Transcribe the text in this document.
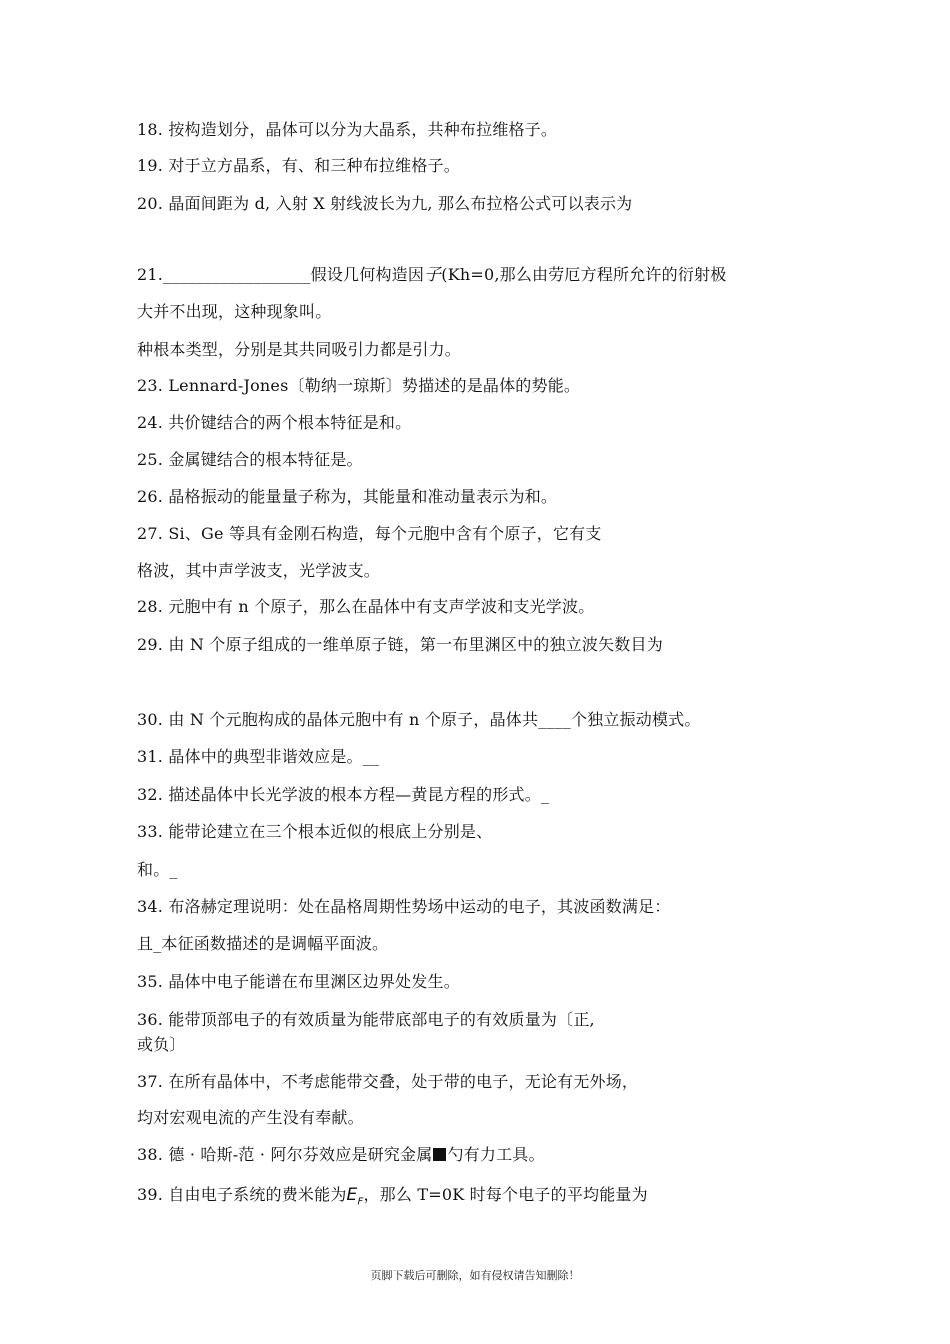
18. 按构造划分，晶体可以分为大晶系，共种布拉维格子。
19. 对于立方晶系，有、和三种布拉维格子。
20. 晶面间距为 d, 入射 X 射线波长为九, 那么布拉格公式可以表示为
21.__________________假设几何构造因子(Kh=0,那么由劳厄方程所允许的衍射极
大并不出现，这种现象叫。
种根本类型，分别是其共同吸引力都是引力。
23. Lennard-Jones〔勒纳一琼斯〕势描述的是晶体的势能。
24. 共价键结合的两个根本特征是和。
25. 金属键结合的根本特征是。
26. 晶格振动的能量量子称为，其能量和准动量表示为和。
27. Si、Ge 等具有金刚石构造，每个元胞中含有个原子，它有支
格波，其中声学波支，光学波支。
28. 元胞中有 n 个原子，那么在晶体中有支声学波和支光学波。
29. 由 N 个原子组成的一维单原子链，第一布里渊区中的独立波矢数目为
30. 由 N 个元胞构成的晶体元胞中有 n 个原子，晶体共____个独立振动模式。
31. 晶体中的典型非谐效应是。__
32. 描述晶体中长光学波的根本方程—黄昆方程的形式。_
33. 能带论建立在三个根本近似的根底上分别是、
和。_
34. 布洛赫定理说明：处在晶格周期性势场中运动的电子，其波函数满足：
且_本征函数描述的是调幅平面波。
35. 晶体中电子能谱在布里渊区边界处发生。
36. 能带顶部电子的有效质量为能带底部电子的有效质量为〔正,
或负〕
37. 在所有晶体中，不考虑能带交叠，处于带的电子，无论有无外场，
均对宏观电流的产生没有奉献。
38. 德 · 哈斯-范 · 阿尔芬效应是研究金属 勺有力工具。
39. 自由电子系统的费米能为$E_F$，那么 T=0K 时每个电子的平均能量为
页脚下载后可删除，如有侵权请告知删除！
